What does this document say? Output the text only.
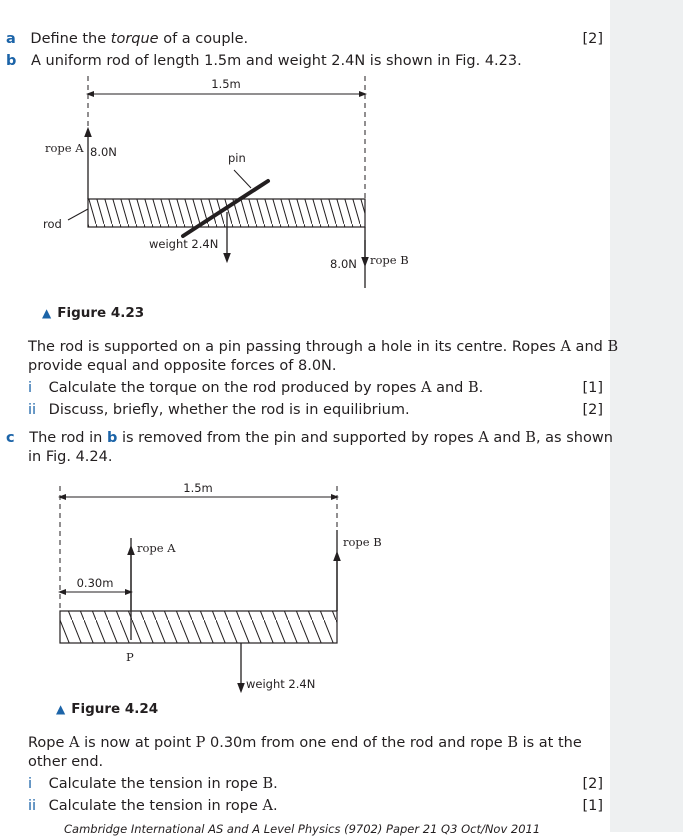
a Define the torque of a couple.	[2]
b A uniform rod of length 1.5m and weight 2.4N is shown in Fig. 4.23.
1.5m
rope A 8.0N	pin
rod
weight 2.4N
8.0N rope B
▲ Figure 4.23
The rod is supported on a pin passing through a hole in its centre. Ropes A and B
provide equal and opposite forces of 8.0N.
i Calculate the torque on the rod produced by ropes A and B.	[1]
ii Discuss, briefly, whether the rod is in equilibrium.	[2]
c The rod in b is removed from the pin and supported by ropes A and B, as shown
in Fig. 4.24.
1.5m
rope A	rope B
0.30m
P
weight 2.4N
▲ Figure 4.24
Rope A is now at point P 0.30m from one end of the rod and rope B is at the
other end.
i Calculate the tension in rope B.	[2]
ii Calculate the tension in rope A.	[1]
Cambridge International AS and A Level Physics (9702) Paper 21 Q3 Oct/Nov 2011
